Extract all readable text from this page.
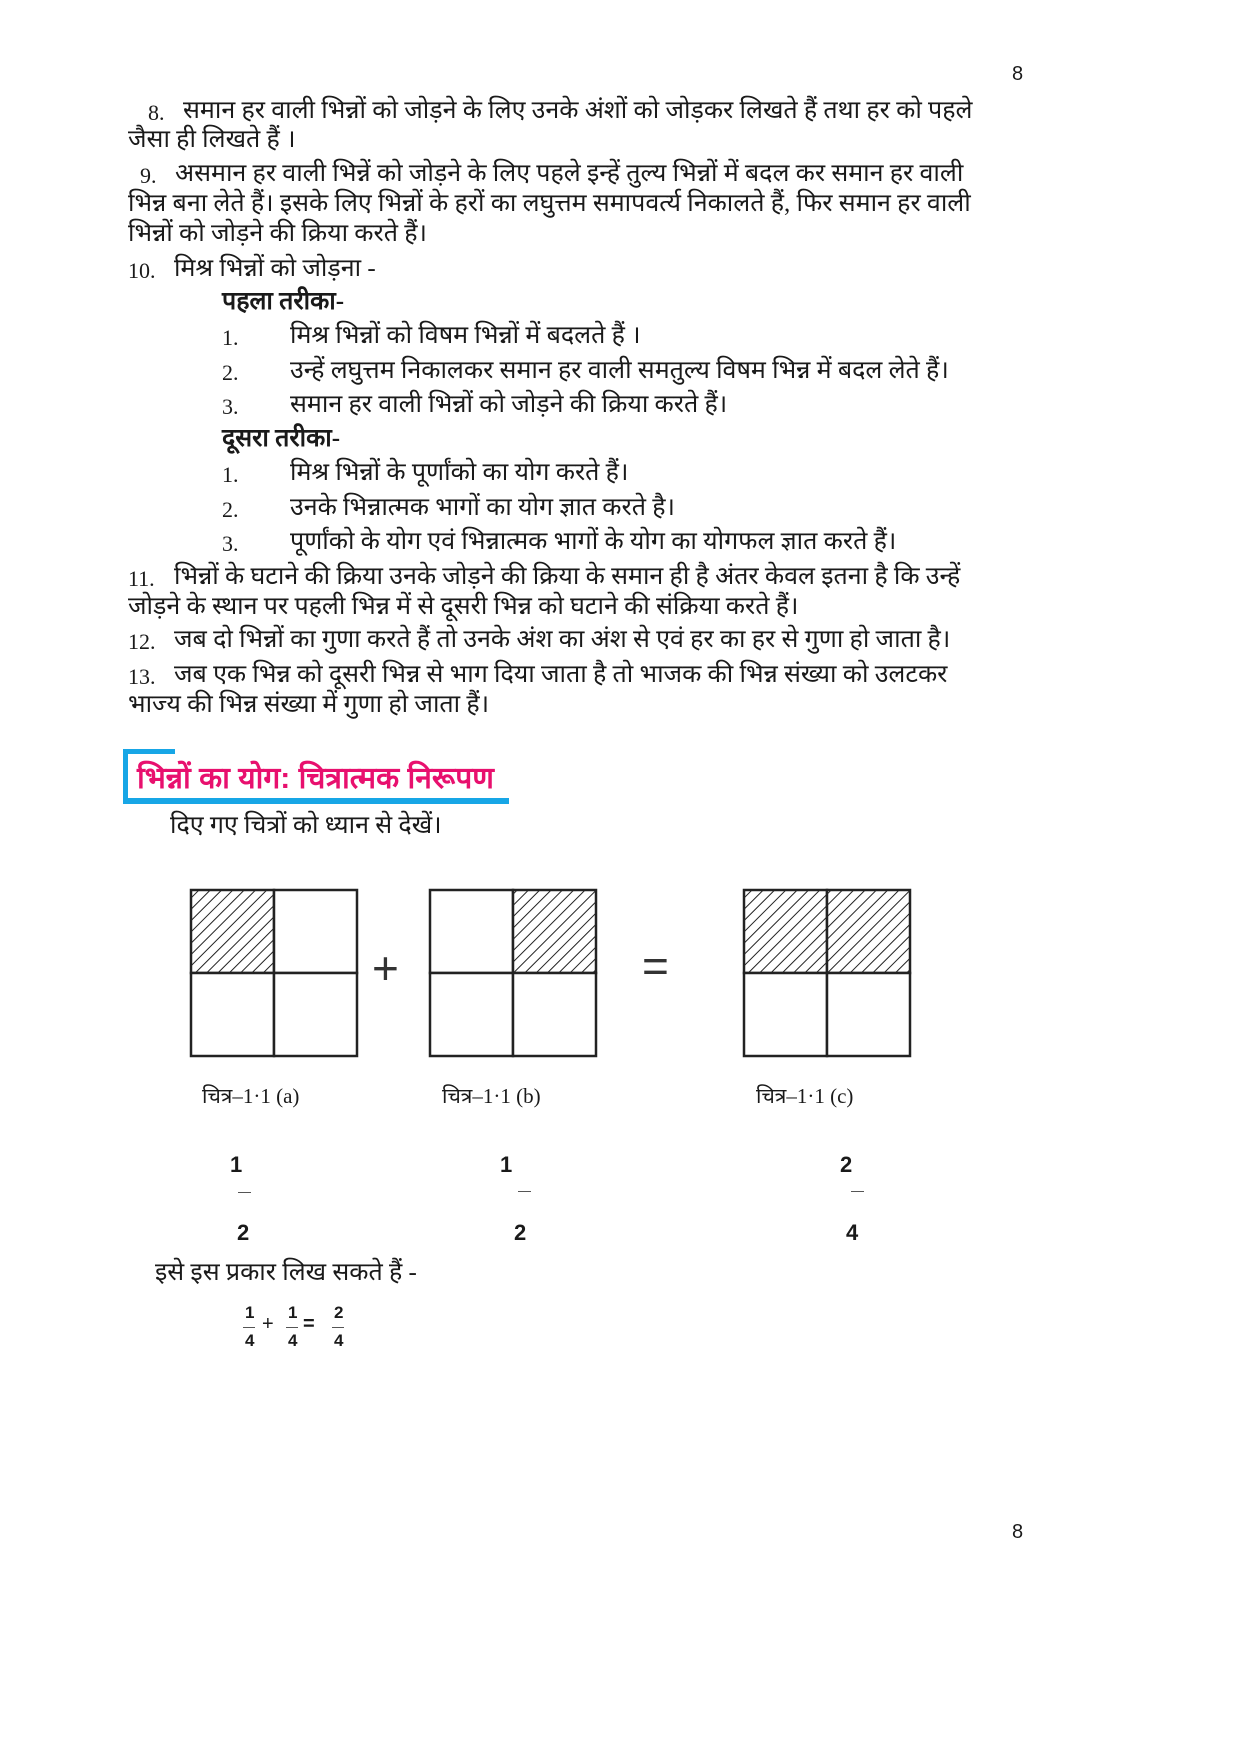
8
8. समान हर वाली भिन्नों को जोड़ने के लिए उनके अंशों को जोड़कर लिखते हैं तथा हर को पहले
जैसा ही लिखते हैं ।
9. असमान हर वाली भिन्नें को जोड़ने के लिए पहले इन्हें तुल्य भिन्नों में बदल कर समान हर वाली
भिन्न बना लेते हैं। इसके लिए भिन्नों के हरों का लघुत्तम समापवर्त्य निकालते हैं, फिर समान हर वाली
भिन्नों को जोड़ने की क्रिया करते हैं।
10. मिश्र भिन्नों को जोड़ना -
पहला तरीका-
1. मिश्र भिन्नों को विषम भिन्नों में बदलते हैं ।
2. उन्हें लघुत्तम निकालकर समान हर वाली समतुल्य विषम भिन्न में बदल लेते हैं।
3. समान हर वाली भिन्नों को जोड़ने की क्रिया करते हैं।
दूसरा तरीका-
1. मिश्र भिन्नों के पूर्णांको का योग करते हैं।
2. उनके भिन्नात्मक भागों का योग ज्ञात करते है।
3. पूर्णांको के योग एवं भिन्नात्मक भागों के योग का योगफल ज्ञात करते हैं।
11. भिन्नों के घटाने की क्रिया उनके जोड़ने की क्रिया के समान ही है अंतर केवल इतना है कि उन्हें
जोड़ने के स्थान पर पहली भिन्न में से दूसरी भिन्न को घटाने की संक्रिया करते हैं।
12. जब दो भिन्नों का गुणा करते हैं तो उनके अंश का अंश से एवं हर का हर से गुणा हो जाता है।
13. जब एक भिन्न को दूसरी भिन्न से भाग दिया जाता है तो भाजक की भिन्न संख्या को उलटकर
भाज्य की भिन्न संख्या में गुणा हो जाता हैं।
भिन्नों का योग: चित्रात्मक निरूपण
दिए गए चित्रों को ध्यान से देखें।
+	=
चित्र–1·1 (a)	चित्र–1·1 (b)	चित्र–1·1 (c)
1
2
1
2
2
4
इसे इस प्रकार लिख सकते हैं -
1
4
+
1
4
=
2
4
8
